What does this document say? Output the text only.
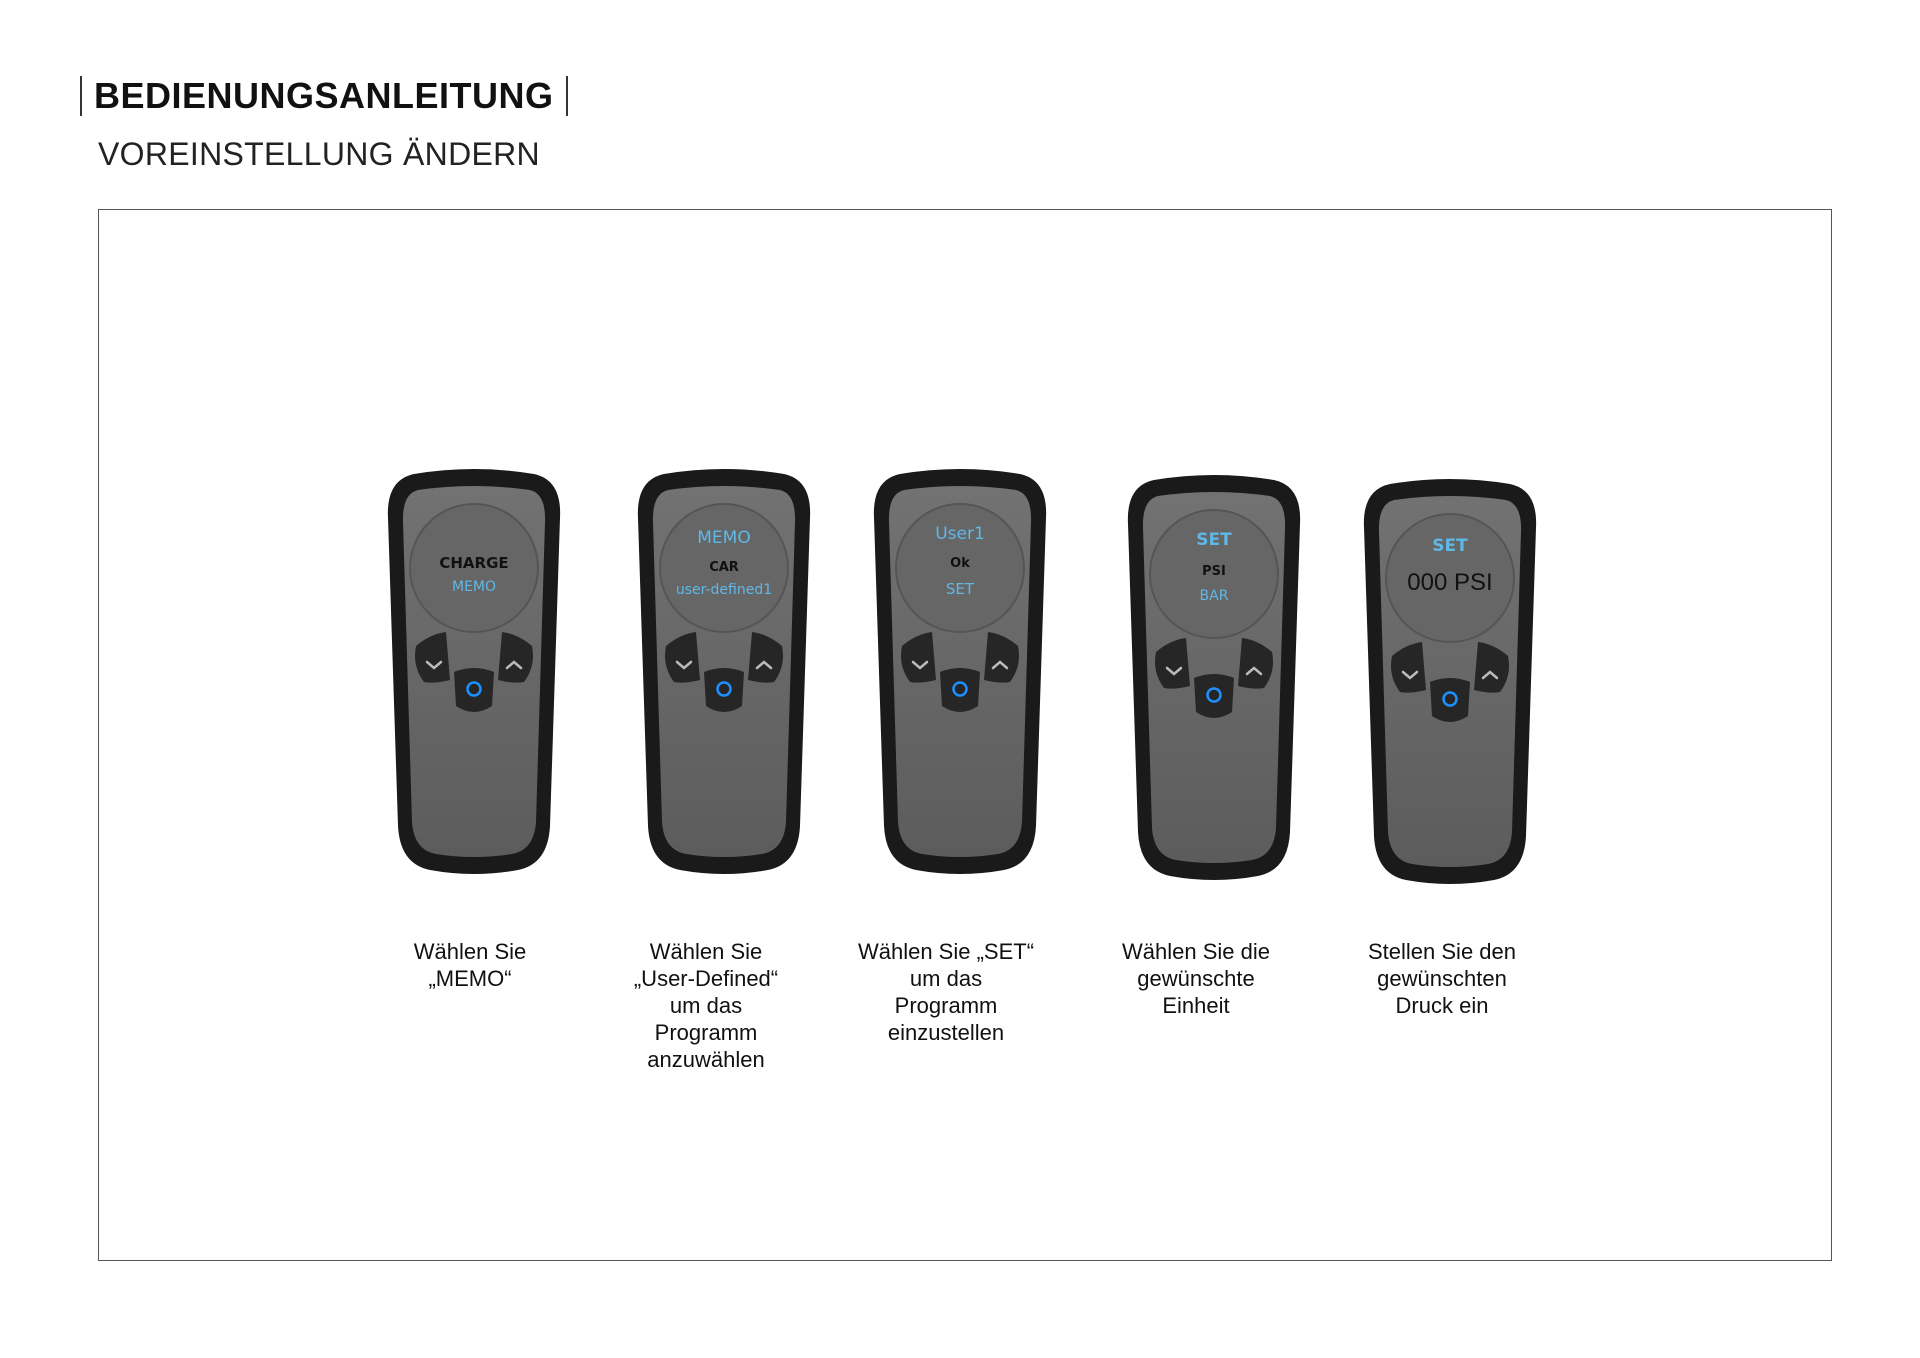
BEDIENUNGSANLEITUNG
VOREINSTELLUNG ÄNDERN
CHARGE
MEMO
MEMO
CAR
user-defined1
User1
Ok
SET
SET
PSI
BAR
SET
000 PSI
Wählen Sie
„MEMO“
Wählen Sie
„User-Defined“
um das
Programm
anzuwählen
Wählen Sie „SET“
um das
Programm
einzustellen
Wählen Sie die
gewünschte
Einheit
Stellen Sie den
gewünschten
Druck ein
